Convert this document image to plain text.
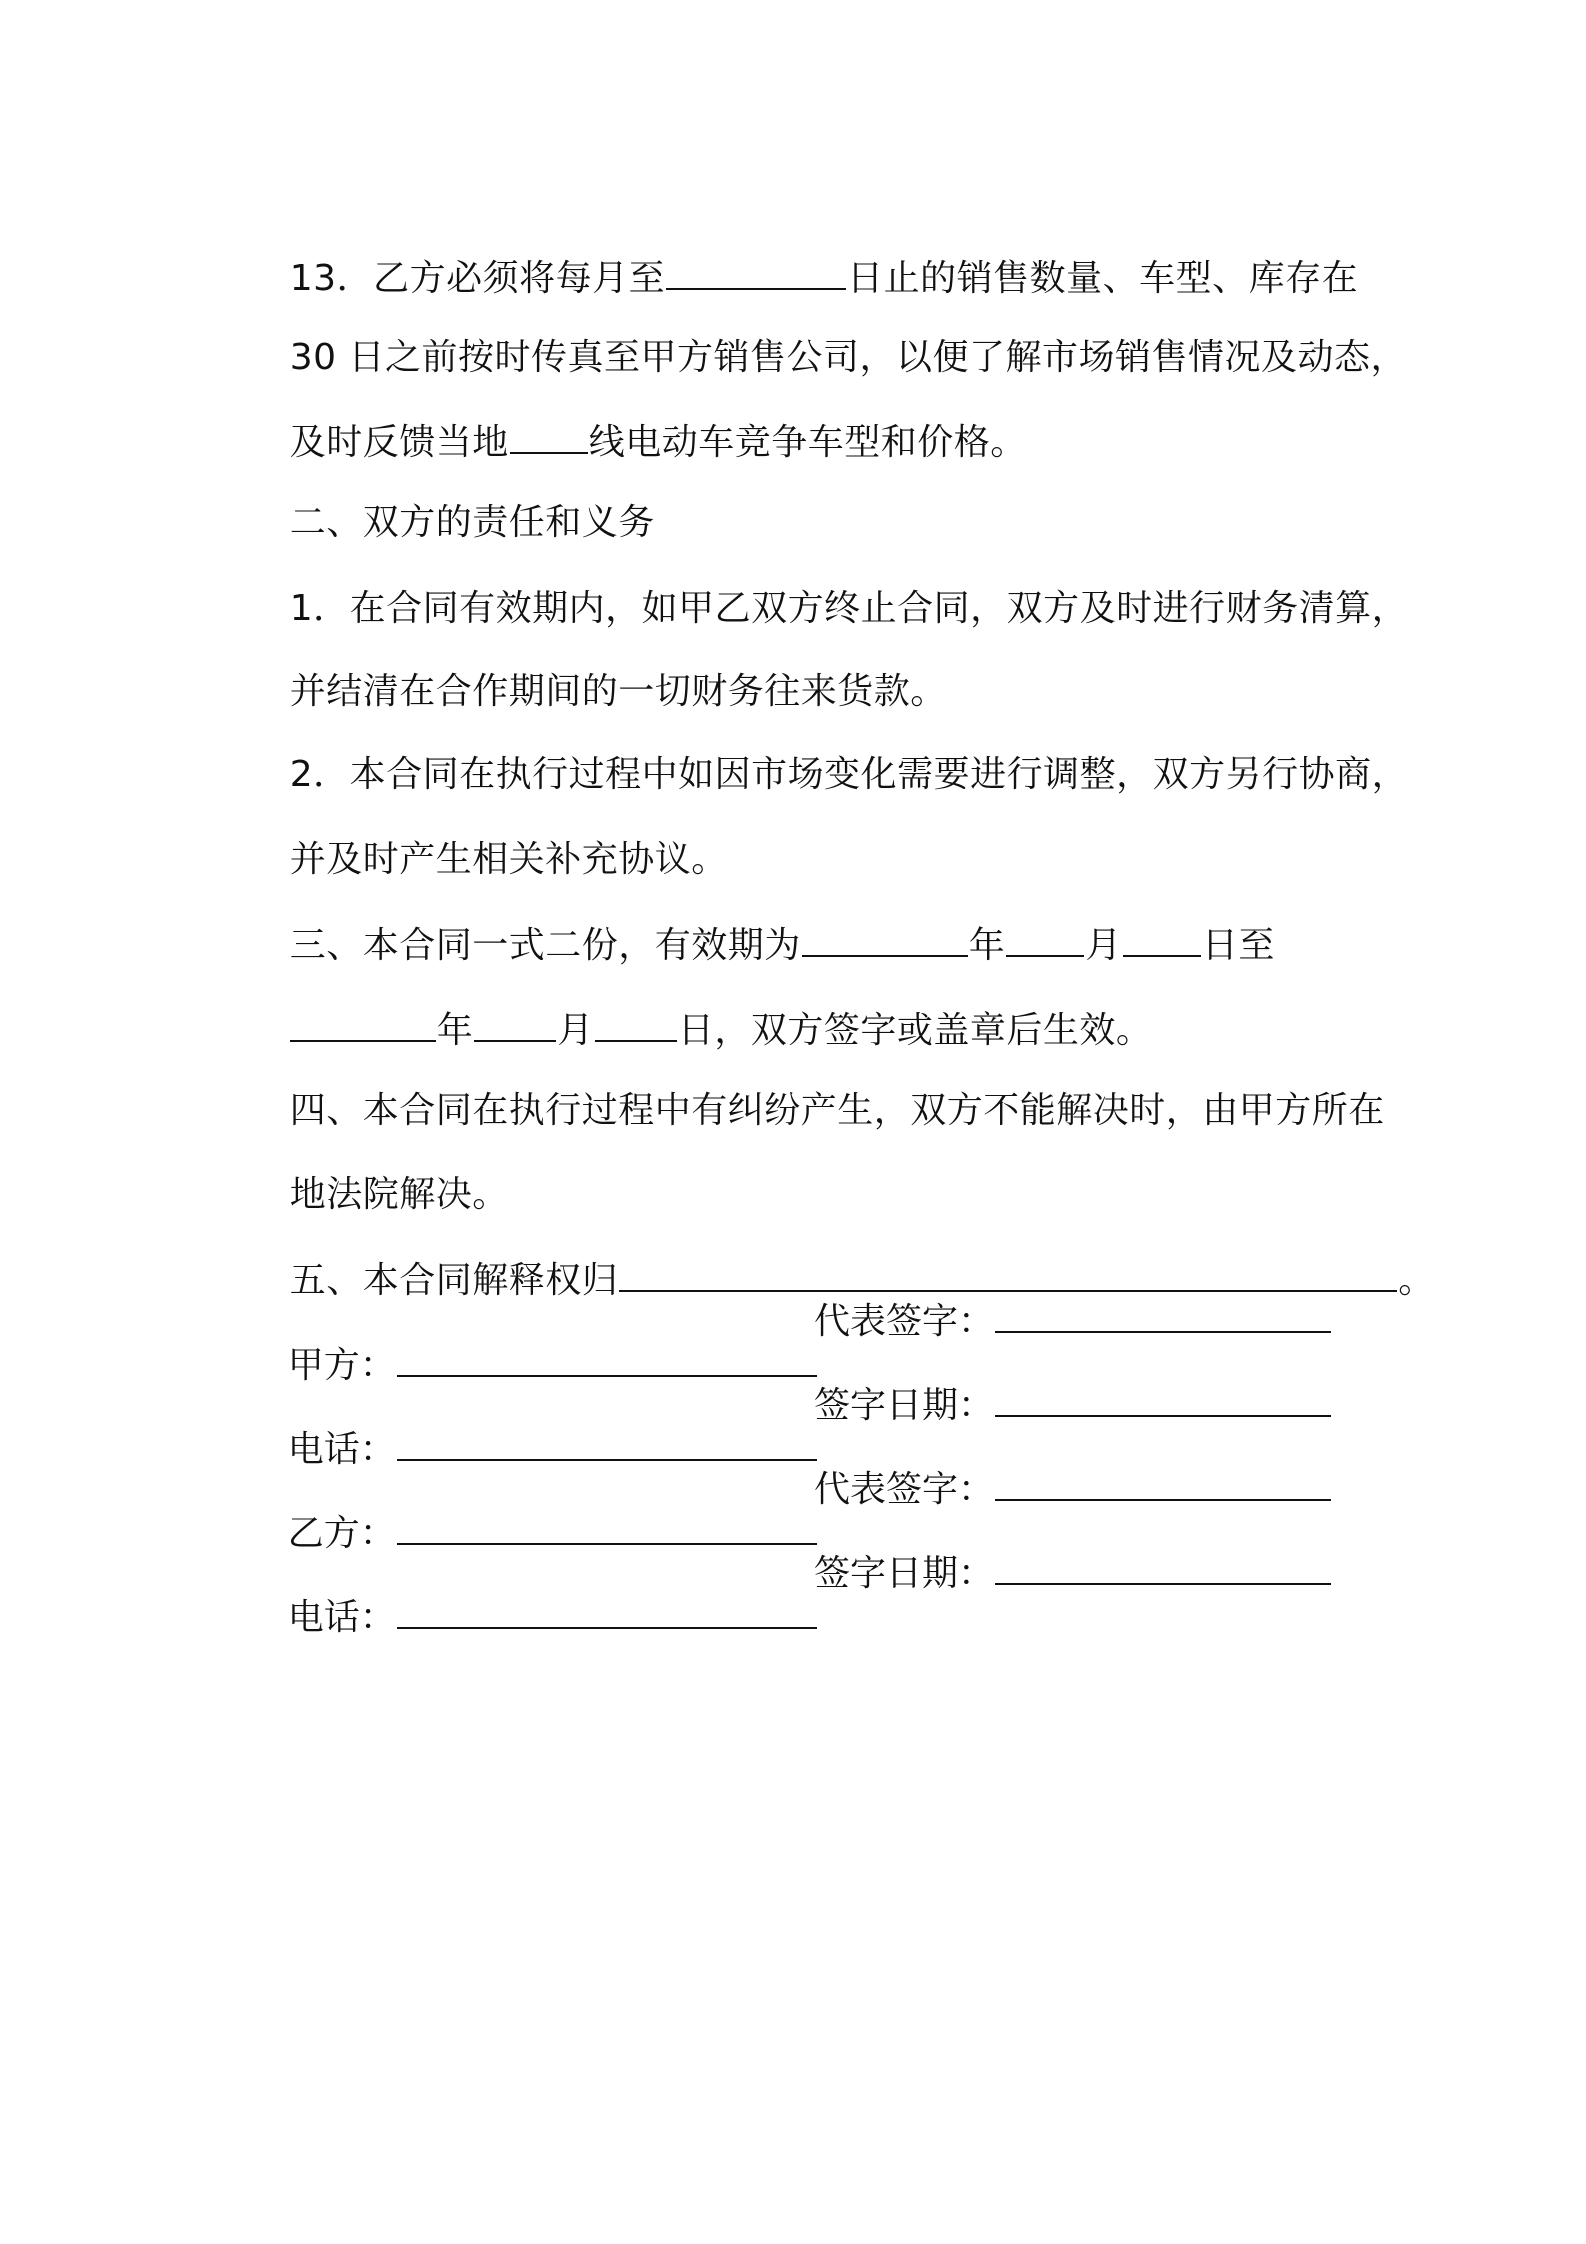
13．乙方必须将每月至	日止的销售数量、车型、库存在

30 日之前按时传真至甲方销售公司，以便了解市场销售情况及动态，

及时反馈当地 线电动车竞争车型和价格。

二、双方的责任和义务

1．在合同有效期内，如甲乙双方终止合同，双方及时进行财务清算，

并结清在合作期间的一切财务往来货款。

2．本合同在执行过程中如因市场变化需要进行调整，双方另行协商，

并及时产生相关补充协议。

三、本合同一式二份，有效期为	年 月 日至

年 月 日，双方签字或盖章后生效。

四、本合同在执行过程中有纠纷产生，双方不能解决时，由甲方所在

地法院解决。

五、本合同解释权归	。

甲方：

代表签字：

电话：

签字日期：

乙方：

代表签字：

电话：

签字日期：
